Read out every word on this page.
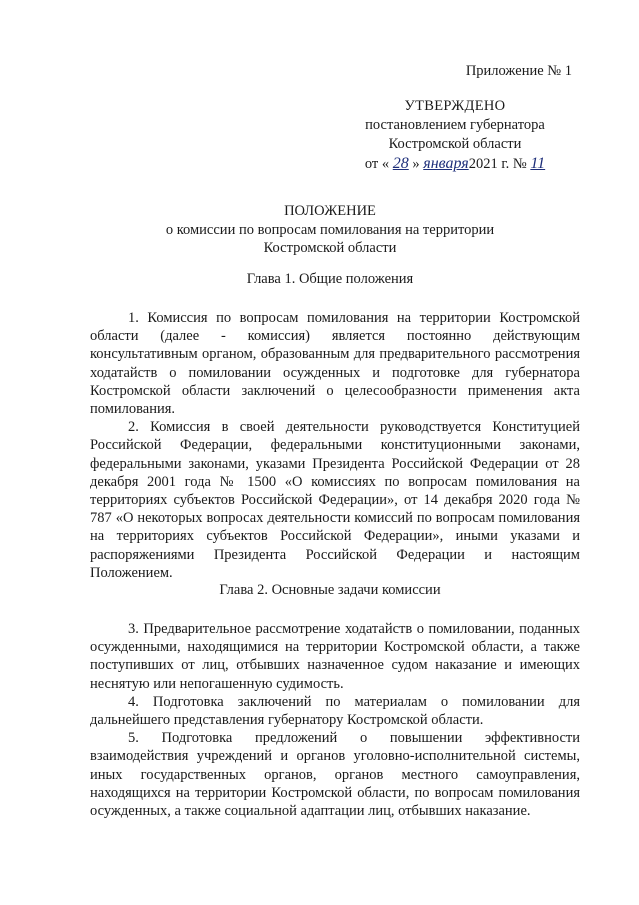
Приложение № 1
УТВЕРЖДЕНО
постановлением губернатора
Костромской области
от « 28 » января2021 г. № 11
ПОЛОЖЕНИЕ
о комиссии по вопросам помилования на территории
Костромской области
Глава 1. Общие положения

1. Комиссия по вопросам помилования на территории Костромской области (далее - комиссия) является постоянно действующим консультативным органом, образованным для предварительного рассмотрения ходатайств о помиловании осужденных и подготовке для губернатора Костромской области заключений о целесообразности применения акта помилования.

2. Комиссия в своей деятельности руководствуется Конституцией Российской Федерации, федеральными конституционными законами, федеральными законами, указами Президента Российской Федерации от 28 декабря 2001 года № 1500 «О комиссиях по вопросам помилования на территориях субъектов Российской Федерации», от 14 декабря 2020 года № 787 «О некоторых вопросах деятельности комиссий по вопросам помилования на территориях субъектов Российской Федерации», иными указами и распоряжениями Президента Российской Федерации и настоящим Положением.

Глава 2. Основные задачи комиссии

3. Предварительное рассмотрение ходатайств о помиловании, поданных осужденными, находящимися на территории Костромской области, а также поступивших от лиц, отбывших назначенное судом наказание и имеющих неснятую или непогашенную судимость.

4. Подготовка заключений по материалам о помиловании для дальнейшего представления губернатору Костромской области.

5. Подготовка предложений о повышении эффективности взаимодействия учреждений и органов уголовно-исполнительной системы, иных государственных органов, органов местного самоуправления, находящихся на территории Костромской области, по вопросам помилования осужденных, а также социальной адаптации лиц, отбывших наказание.
